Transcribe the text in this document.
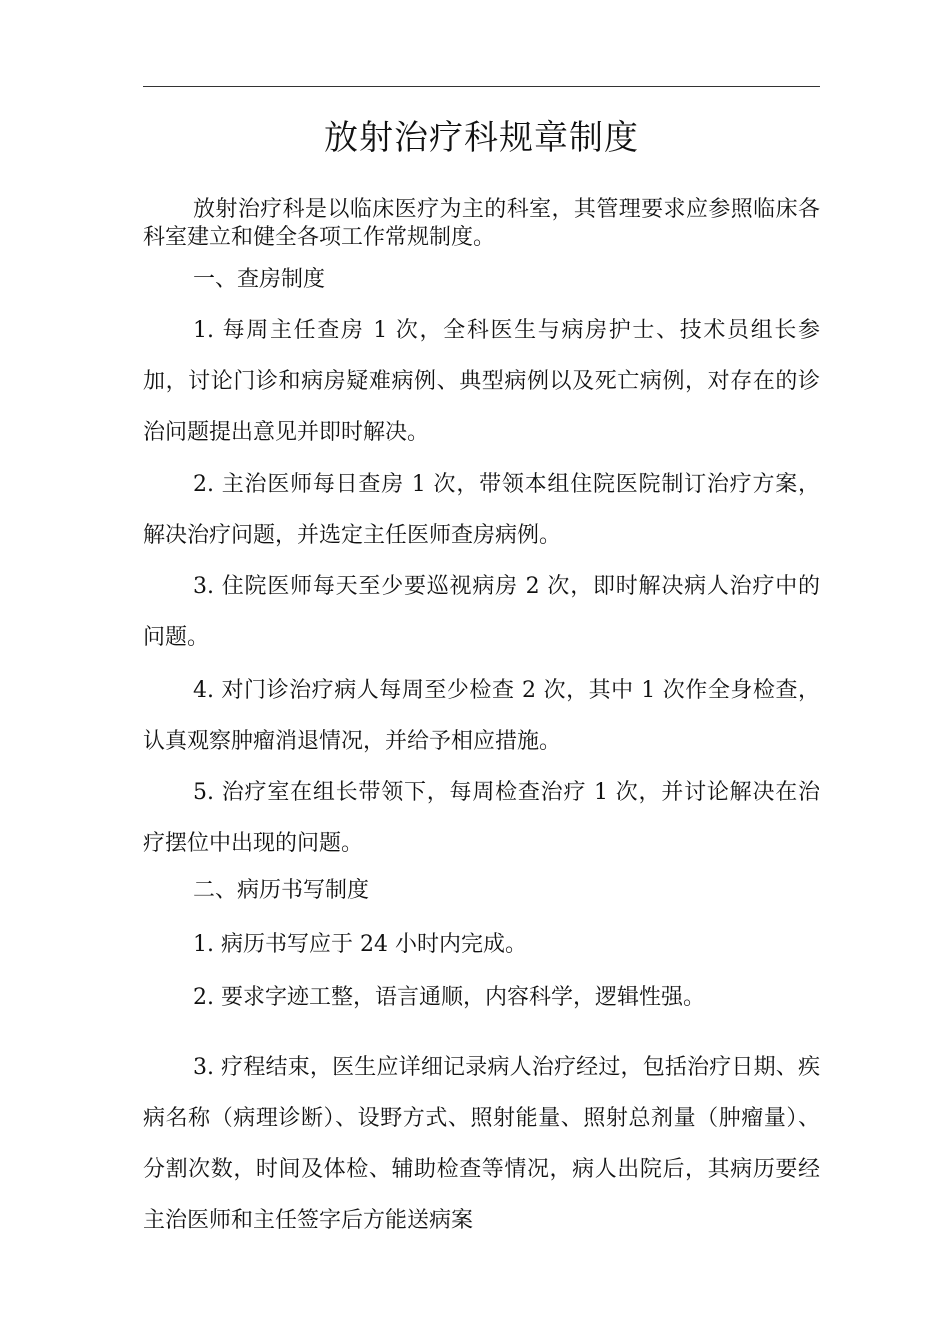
放射治疗科规章制度

放射治疗科是以临床医疗为主的科室，其管理要求应参照临床各科室建立和健全各项工作常规制度。

一、查房制度

1. 每周主任查房 1 次，全科医生与病房护士、技术员组长参加，讨论门诊和病房疑难病例、典型病例以及死亡病例，对存在的诊治问题提出意见并即时解决。

2. 主治医师每日查房 1 次，带领本组住院医院制订治疗方案，解决治疗问题，并选定主任医师查房病例。

3. 住院医师每天至少要巡视病房 2 次，即时解决病人治疗中的问题。

4. 对门诊治疗病人每周至少检查 2 次，其中 1 次作全身检查，认真观察肿瘤消退情况，并给予相应措施。

5. 治疗室在组长带领下，每周检查治疗 1 次，并讨论解决在治疗摆位中出现的问题。

二、病历书写制度

1. 病历书写应于 24 小时内完成。

2. 要求字迹工整，语言通顺，内容科学，逻辑性强。

3. 疗程结束，医生应详细记录病人治疗经过，包括治疗日期、疾病名称（病理诊断）、设野方式、照射能量、照射总剂量（肿瘤量）、分割次数，时间及体检、辅助检查等情况，病人出院后，其病历要经主治医师和主任签字后方能送病案
